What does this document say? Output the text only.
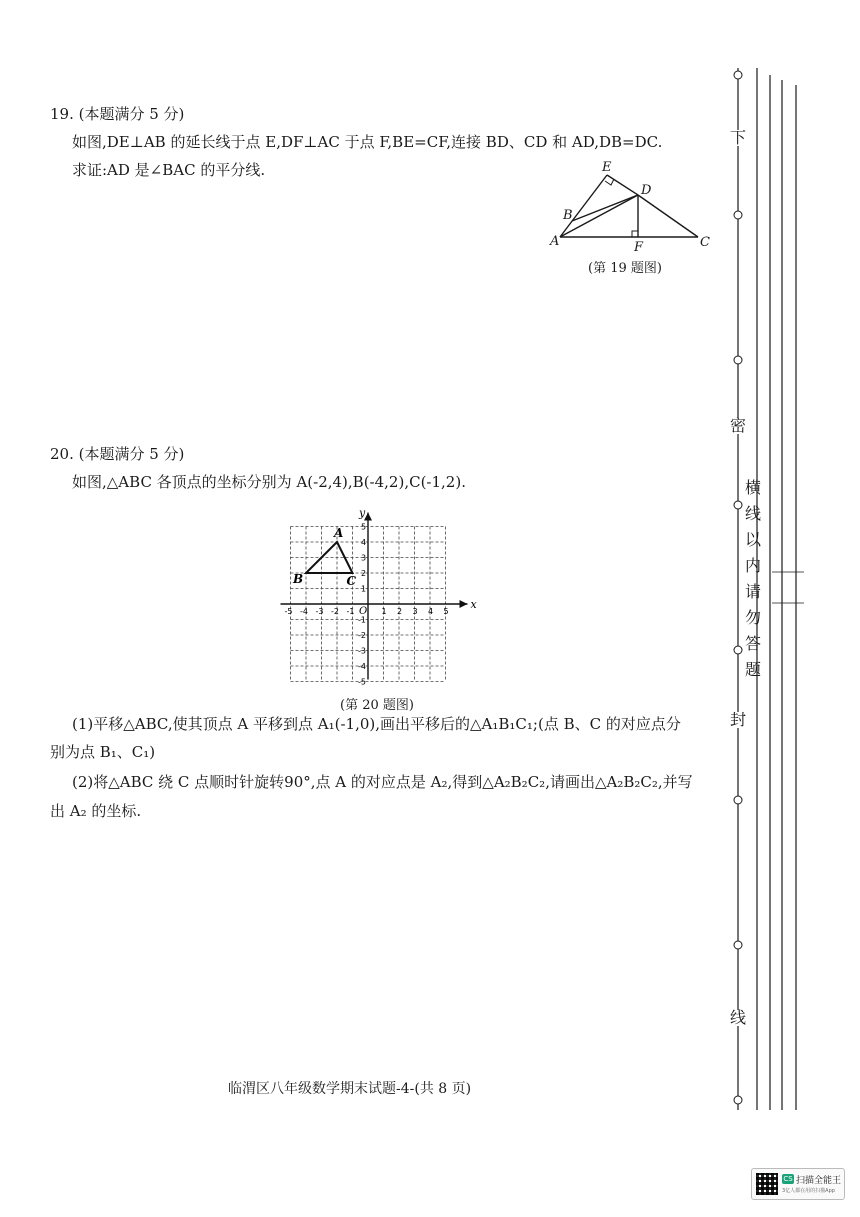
19. (本题满分 5 分)
如图,DE⊥AB 的延长线于点 E,DF⊥AC 于点 F,BE=CF,连接 BD、CD 和 AD,DB=DC.
求证:AD 是∠BAC 的平分线.	E
D
B
A	F	C
(第 19 题图)
20. (本题满分 5 分)
如图,△ABC 各顶点的坐标分别为 A(-2,4),B(-4,2),C(-1,2).
x
y
O
-5 -4 -3 -2 -1	1 2 3 4 5
5
4
3
2
1
-1
-2
-3
-4
-5
A
B	C
(第 20 题图)
(1)平移△ABC,使其顶点 A 平移到点 A₁(-1,0),画出平移后的△A₁B₁C₁;(点 B、C 的对应点分
别为点 B₁、C₁)
(2)将△ABC 绕 C 点顺时针旋转90°,点 A 的对应点是 A₂,得到△A₂B₂C₂,请画出△A₂B₂C₂,并写
出 A₂ 的坐标.
临渭区八年级数学期末试题-4-(共 8 页)
下
密
封
线
横
线
以
内
请
勿
答
题
CS 扫描全能王
3亿人都在用的扫描App
